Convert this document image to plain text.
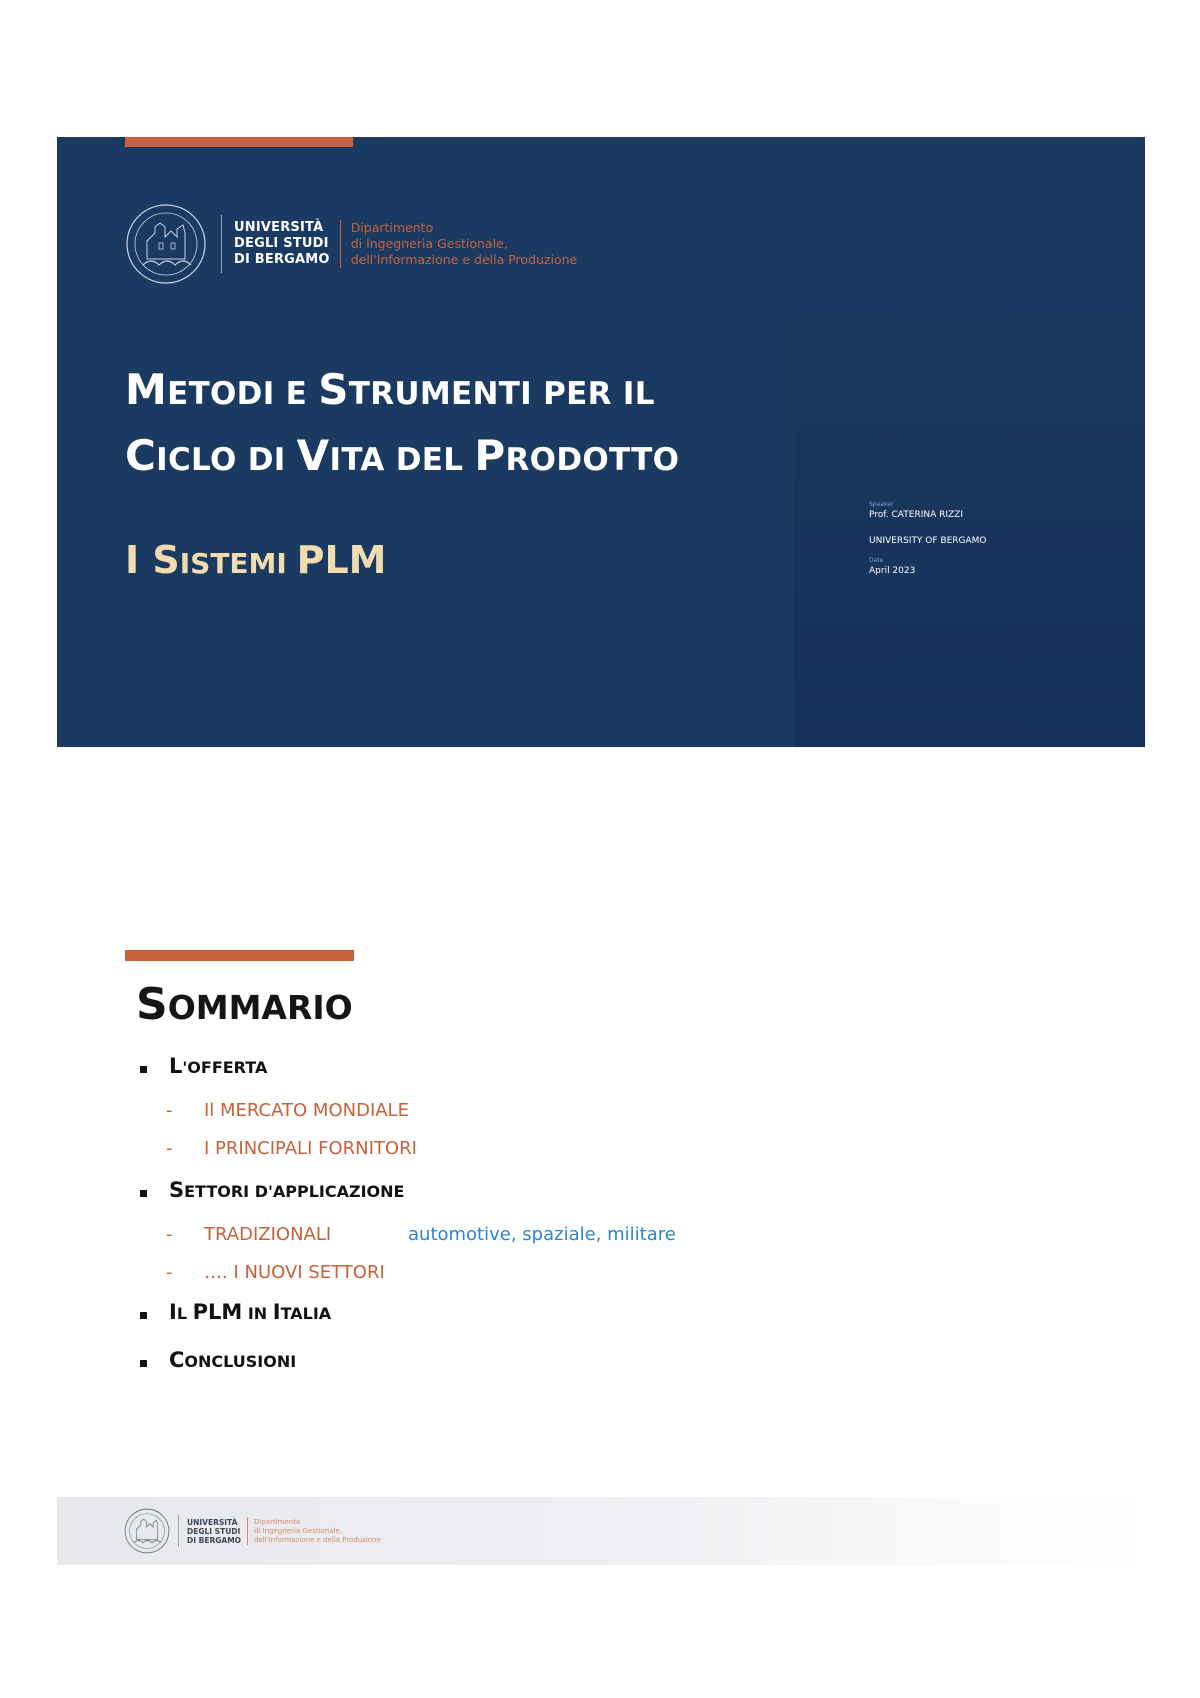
UNIVERSITÀ
DEGLI STUDI
DI BERGAMO
Dipartimento
di Ingegneria Gestionale,
dell'Informazione e della Produzione
METODI E STRUMENTI PER IL
CICLO DI VITA DEL PRODOTTO
I SISTEMI PLM
Speaker
Prof. CATERINA RIZZI
UNIVERSITY OF BERGAMO
Date
April 2023
SOMMARIO
L'OFFERTA
- Il MERCATO MONDIALE
- I PRINCIPALI FORNITORI
SETTORI D'APPLICAZIONE
- TRADIZIONALI	automotive, spaziale, militare
- …. I NUOVI SETTORI
IL PLM IN ITALIA
CONCLUSIONI
UNIVERSITÀ
DEGLI STUDI
DI BERGAMO
Dipartimento
di Ingegneria Gestionale,
dell'Informazione e della Produzione
